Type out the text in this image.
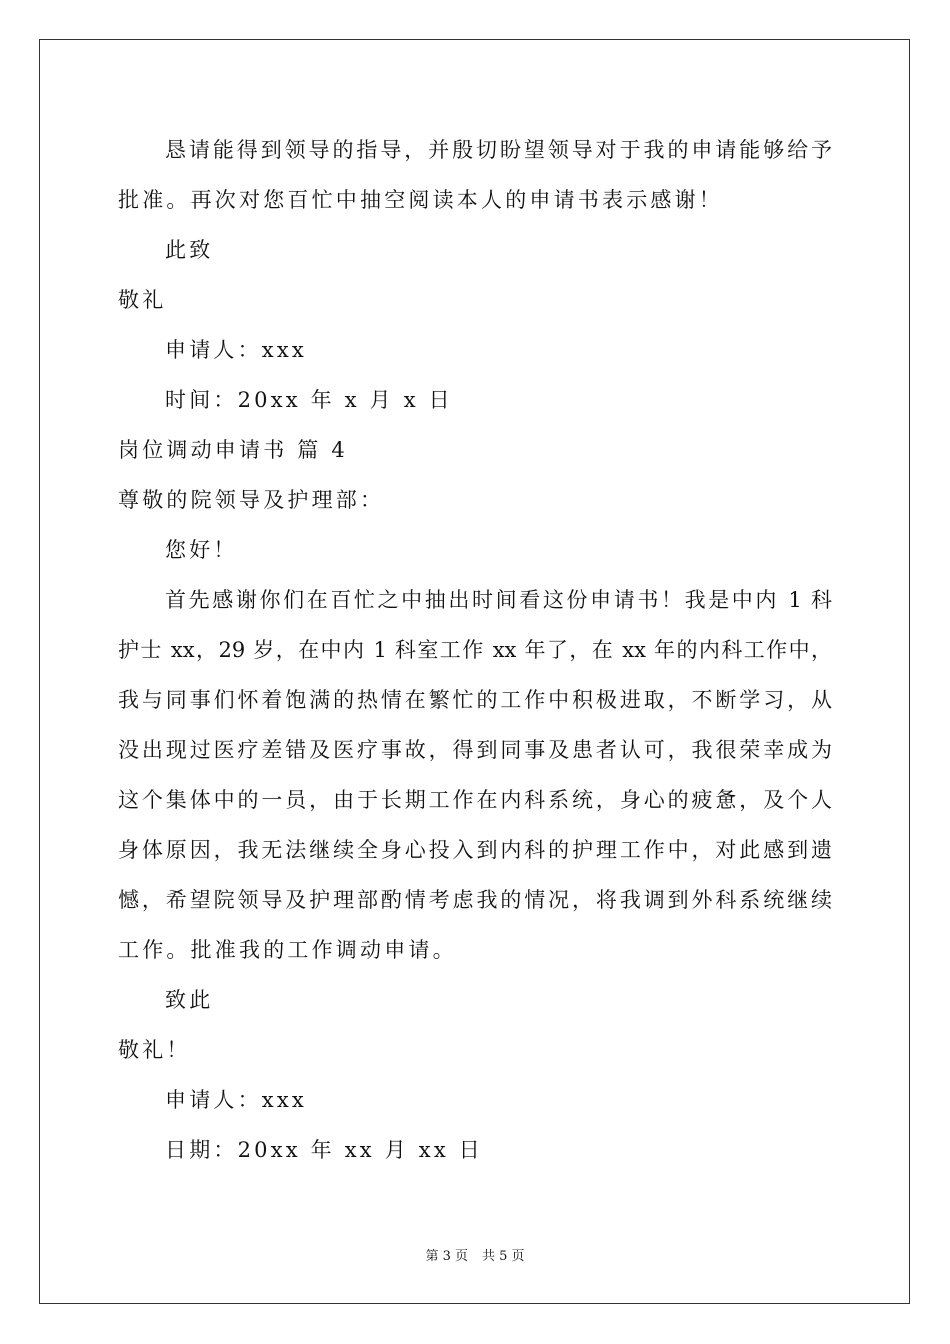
恳请能得到领导的指导，并殷切盼望领导对于我的申请能够给予
批准。再次对您百忙中抽空阅读本人的申请书表示感谢！
此致
敬礼
申请人：xxx
时间：20xx 年 x 月 x 日
岗位调动申请书 篇 4
尊敬的院领导及护理部：
您好！
首先感谢你们在百忙之中抽出时间看这份申请书！我是中内 1 科
护士 xx，29 岁，在中内 1 科室工作 xx 年了，在 xx 年的内科工作中，
我与同事们怀着饱满的热情在繁忙的工作中积极进取，不断学习，从
没出现过医疗差错及医疗事故，得到同事及患者认可，我很荣幸成为
这个集体中的一员，由于长期工作在内科系统，身心的疲惫，及个人
身体原因，我无法继续全身心投入到内科的护理工作中，对此感到遗
憾，希望院领导及护理部酌情考虑我的情况，将我调到外科系统继续
工作。批准我的工作调动申请。
致此
敬礼！
申请人：xxx
日期：20xx 年 xx 月 xx 日
第 3 页 共 5 页
